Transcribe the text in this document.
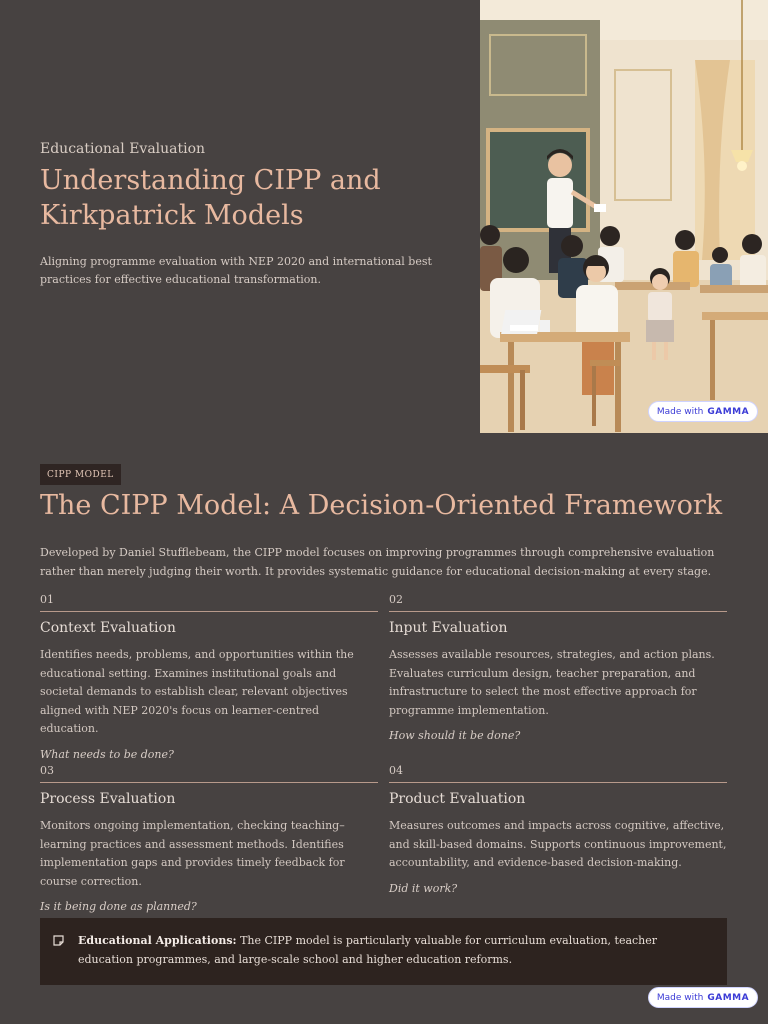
Educational Evaluation
Understanding CIPP and Kirkpatrick Models

Aligning programme evaluation with NEP 2020 and international best practices for effective educational transformation.

Made with GAMMA
CIPP MODEL
The CIPP Model: A Decision-Oriented Framework

Developed by Daniel Stufflebeam, the CIPP model focuses on improving programmes through comprehensive evaluation rather than merely judging their worth. It provides systematic guidance for educational decision-making at every stage.

01
Context Evaluation
Identifies needs, problems, and opportunities within the educational setting. Examines institutional goals and societal demands to establish clear, relevant objectives aligned with NEP 2020's focus on learner-centred education.
What needs to be done?
02
Input Evaluation
Assesses available resources, strategies, and action plans. Evaluates curriculum design, teacher preparation, and infrastructure to select the most effective approach for programme implementation.
How should it be done?
03
Process Evaluation
Monitors ongoing implementation, checking teaching–learning practices and assessment methods. Identifies implementation gaps and provides timely feedback for course correction.
Is it being done as planned?
04
Product Evaluation
Measures outcomes and impacts across cognitive, affective, and skill-based domains. Supports continuous improvement, accountability, and evidence-based decision-making.
Did it work?
Educational Applications: The CIPP model is particularly valuable for curriculum evaluation, teacher education programmes, and large-scale school and higher education reforms.
Made with GAMMA
